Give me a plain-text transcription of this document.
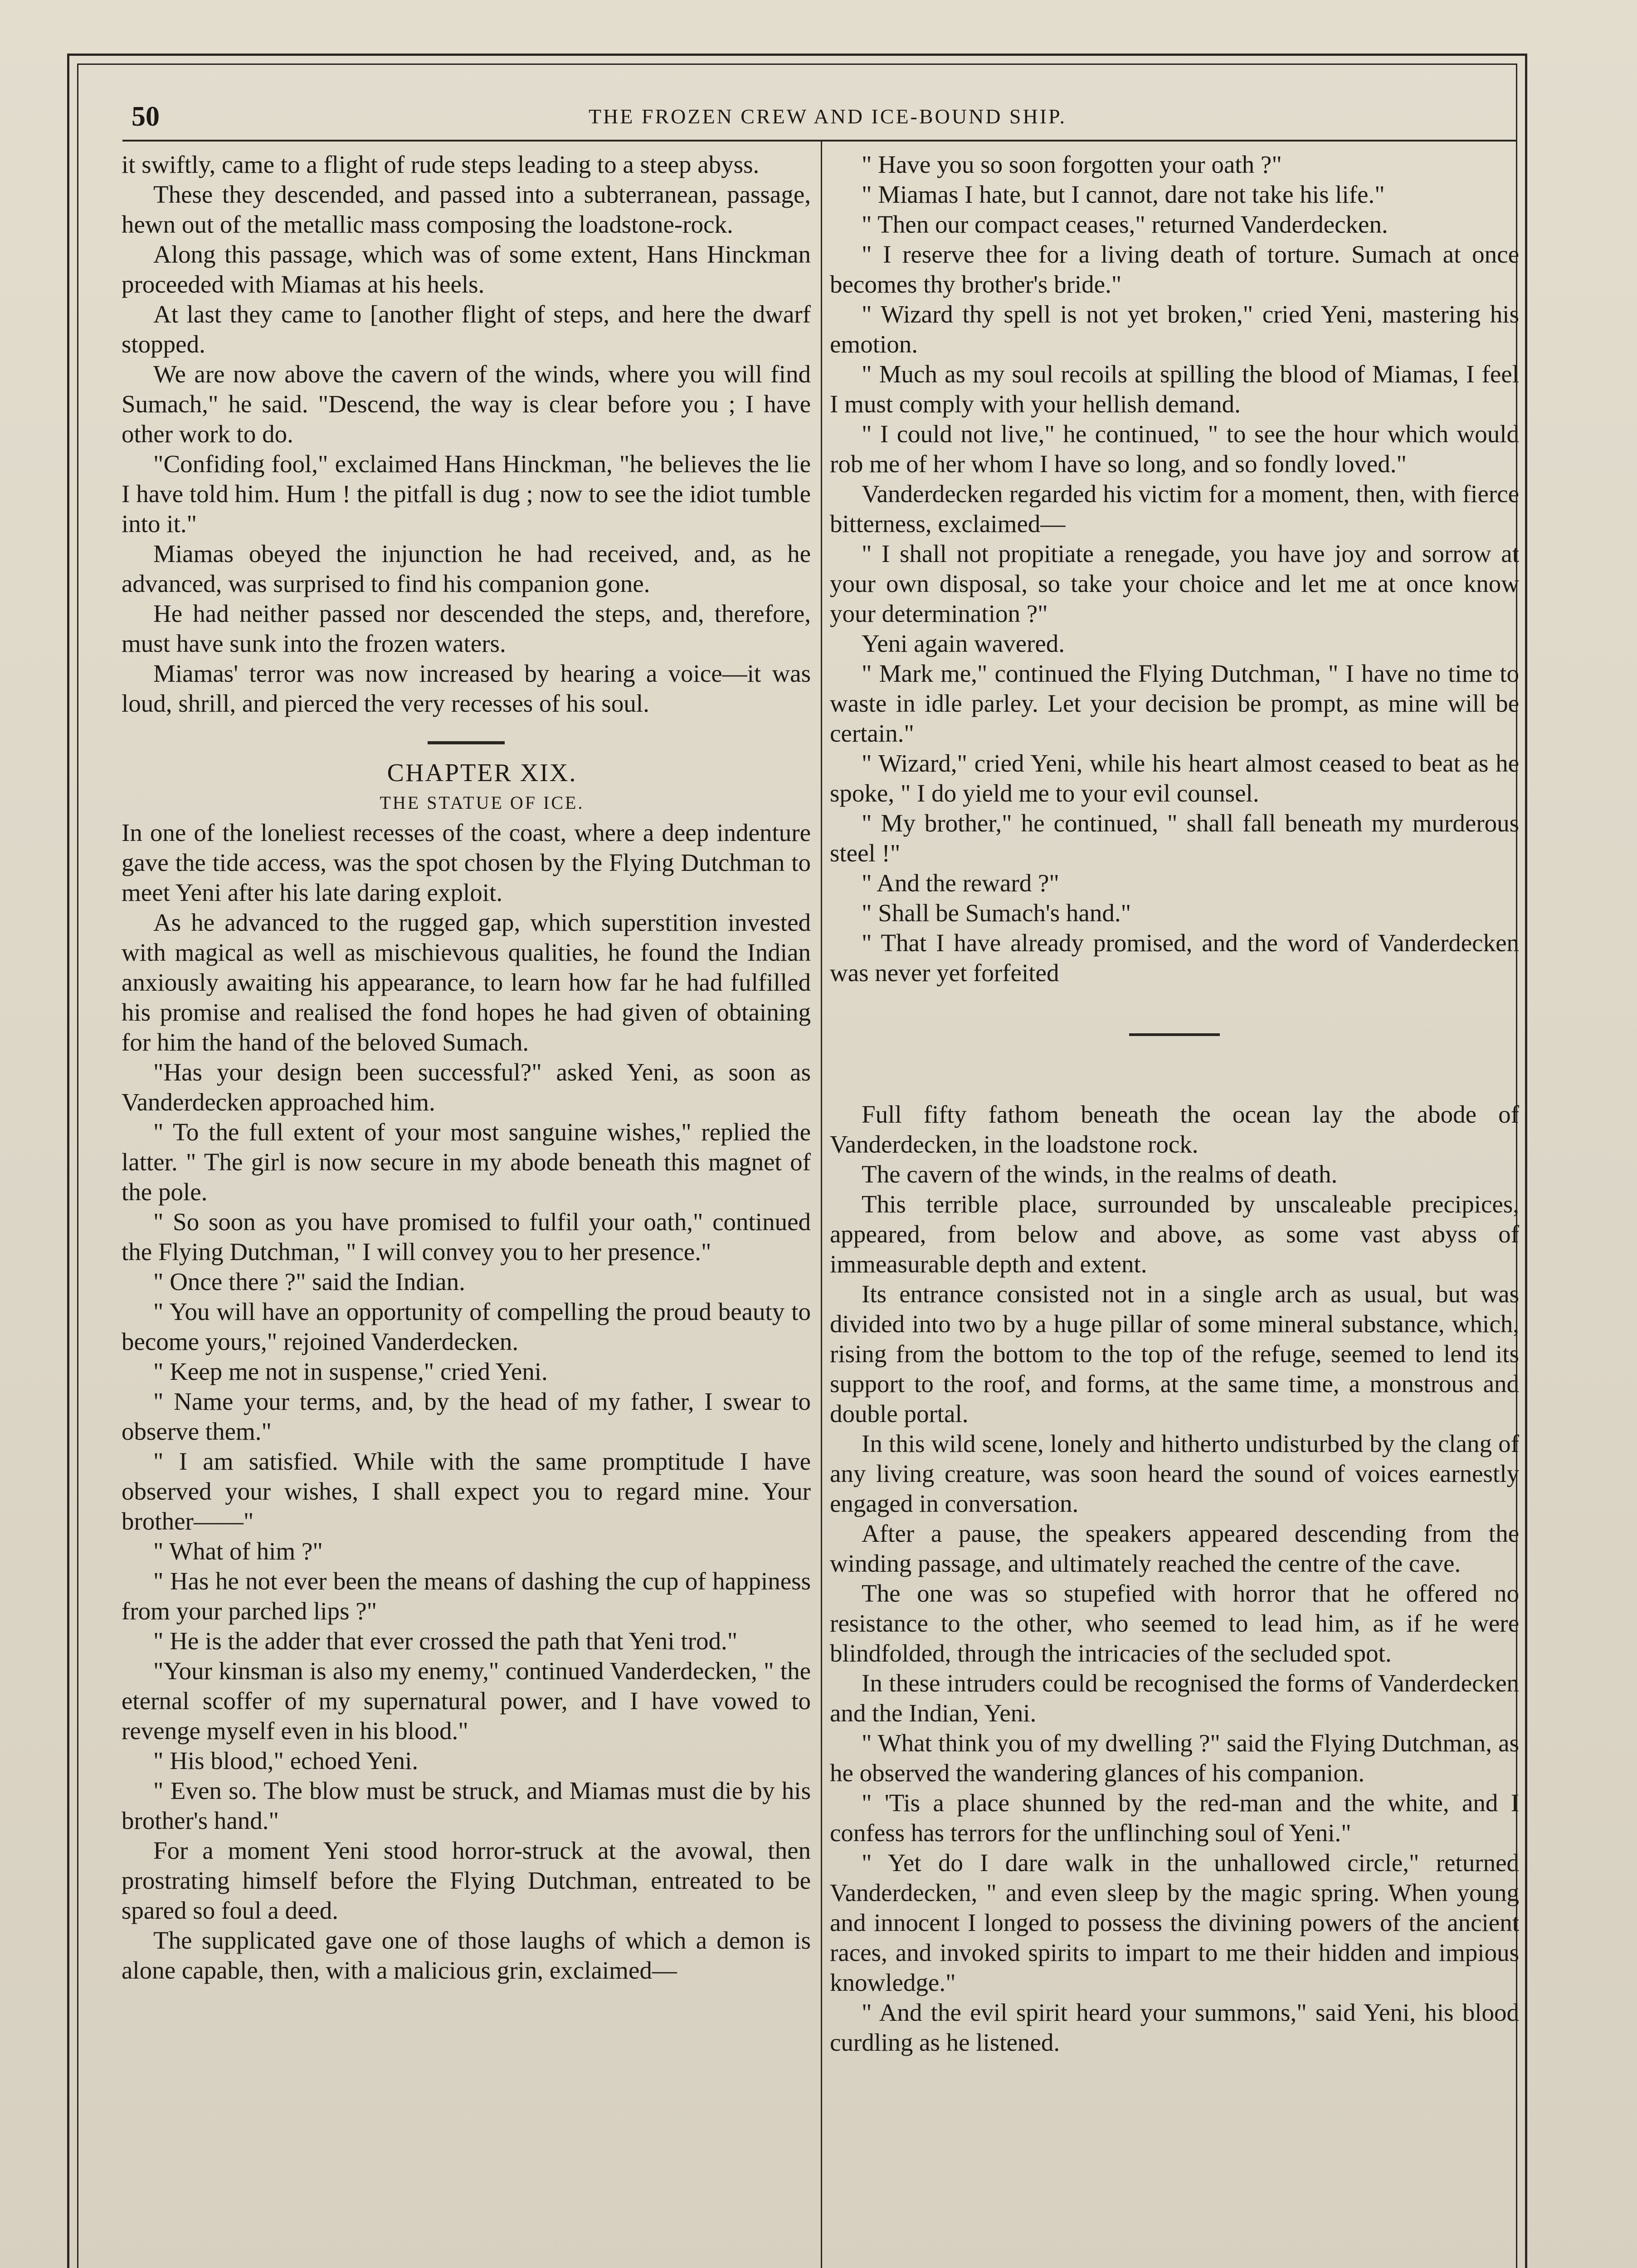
50	THE FROZEN CREW AND ICE-BOUND SHIP.

it swiftly, came to a flight of rude steps leading to a steep abyss.

These they descended, and passed into a subterranean, passage, hewn out of the metallic mass composing the loadstone-rock.

Along this passage, which was of some extent, Hans Hinckman proceeded with Miamas at his heels.

At last they came to [another flight of steps, and here the dwarf stopped.

We are now above the cavern of the winds, where you will find Sumach," he said. "Descend, the way is clear before you ; I have other work to do.

"Confiding fool," exclaimed Hans Hinckman, "he believes the lie I have told him. Hum ! the pitfall is dug ; now to see the idiot tumble into it."

Miamas obeyed the injunction he had received, and, as he advanced, was surprised to find his companion gone.

He had neither passed nor descended the steps, and, therefore, must have sunk into the frozen waters.

Miamas' terror was now increased by hearing a voice—it was loud, shrill, and pierced the very recesses of his soul.

CHAPTER XIX.

THE STATUE OF ICE.

In one of the loneliest recesses of the coast, where a deep indenture gave the tide access, was the spot chosen by the Flying Dutchman to meet Yeni after his late daring exploit.

As he advanced to the rugged gap, which superstition invested with magical as well as mischievous qualities, he found the Indian anxiously awaiting his appearance, to learn how far he had fulfilled his promise and realised the fond hopes he had given of obtaining for him the hand of the beloved Sumach.

"Has your design been successful?" asked Yeni, as soon as Vanderdecken approached him.

" To the full extent of your most sanguine wishes," replied the latter. " The girl is now secure in my abode beneath this magnet of the pole.

" So soon as you have promised to fulfil your oath," continued the Flying Dutchman, " I will convey you to her presence."

" Once there ?" said the Indian.

" You will have an opportunity of compelling the proud beauty to become yours," rejoined Vanderdecken.

" Keep me not in suspense," cried Yeni.

" Name your terms, and, by the head of my father, I swear to observe them."

" I am satisfied. While with the same promptitude I have observed your wishes, I shall expect you to regard mine. Your brother——"

" What of him ?"

" Has he not ever been the means of dashing the cup of happiness from your parched lips ?"

" He is the adder that ever crossed the path that Yeni trod."

"Your kinsman is also my enemy," continued Vanderdecken, " the eternal scoffer of my supernatural power, and I have vowed to revenge myself even in his blood."

" His blood," echoed Yeni.

" Even so. The blow must be struck, and Miamas must die by his brother's hand."

For a moment Yeni stood horror-struck at the avowal, then prostrating himself before the Flying Dutchman, entreated to be spared so foul a deed.

The supplicated gave one of those laughs of which a demon is alone capable, then, with a malicious grin, exclaimed—

" Have you so soon forgotten your oath ?"

" Miamas I hate, but I cannot, dare not take his life."

" Then our compact ceases," returned Vanderdecken.

" I reserve thee for a living death of torture. Sumach at once becomes thy brother's bride."

" Wizard thy spell is not yet broken," cried Yeni, mastering his emotion.

" Much as my soul recoils at spilling the blood of Miamas, I feel I must comply with your hellish demand.

" I could not live," he continued, " to see the hour which would rob me of her whom I have so long, and so fondly loved."

Vanderdecken regarded his victim for a moment, then, with fierce bitterness, exclaimed—

" I shall not propitiate a renegade, you have joy and sorrow at your own disposal, so take your choice and let me at once know your determination ?"

Yeni again wavered.

" Mark me," continued the Flying Dutchman, " I have no time to waste in idle parley. Let your decision be prompt, as mine will be certain."

" Wizard," cried Yeni, while his heart almost ceased to beat as he spoke, " I do yield me to your evil counsel.

" My brother," he continued, " shall fall beneath my murderous steel !"

" And the reward ?"

" Shall be Sumach's hand."

" That I have already promised, and the word of Vanderdecken was never yet forfeited

Full fifty fathom beneath the ocean lay the abode of Vanderdecken, in the loadstone rock.

The cavern of the winds, in the realms of death.

This terrible place, surrounded by unscaleable precipices, appeared, from below and above, as some vast abyss of immeasurable depth and extent.

Its entrance consisted not in a single arch as usual, but was divided into two by a huge pillar of some mineral substance, which, rising from the bottom to the top of the refuge, seemed to lend its support to the roof, and forms, at the same time, a monstrous and double portal.

In this wild scene, lonely and hitherto undisturbed by the clang of any living creature, was soon heard the sound of voices earnestly engaged in conversation.

After a pause, the speakers appeared descending from the winding passage, and ultimately reached the centre of the cave.

The one was so stupefied with horror that he offered no resistance to the other, who seemed to lead him, as if he were blindfolded, through the intricacies of the secluded spot.

In these intruders could be recognised the forms of Vanderdecken and the Indian, Yeni.

" What think you of my dwelling ?" said the Flying Dutchman, as he observed the wandering glances of his companion.

" 'Tis a place shunned by the red-man and the white, and I confess has terrors for the unflinching soul of Yeni."

" Yet do I dare walk in the unhallowed circle," returned Vanderdecken, " and even sleep by the magic spring. When young and innocent I longed to possess the divining powers of the ancient races, and invoked spirits to impart to me their hidden and impious knowledge."

" And the evil spirit heard your summons," said Yeni, his blood curdling as he listened.
